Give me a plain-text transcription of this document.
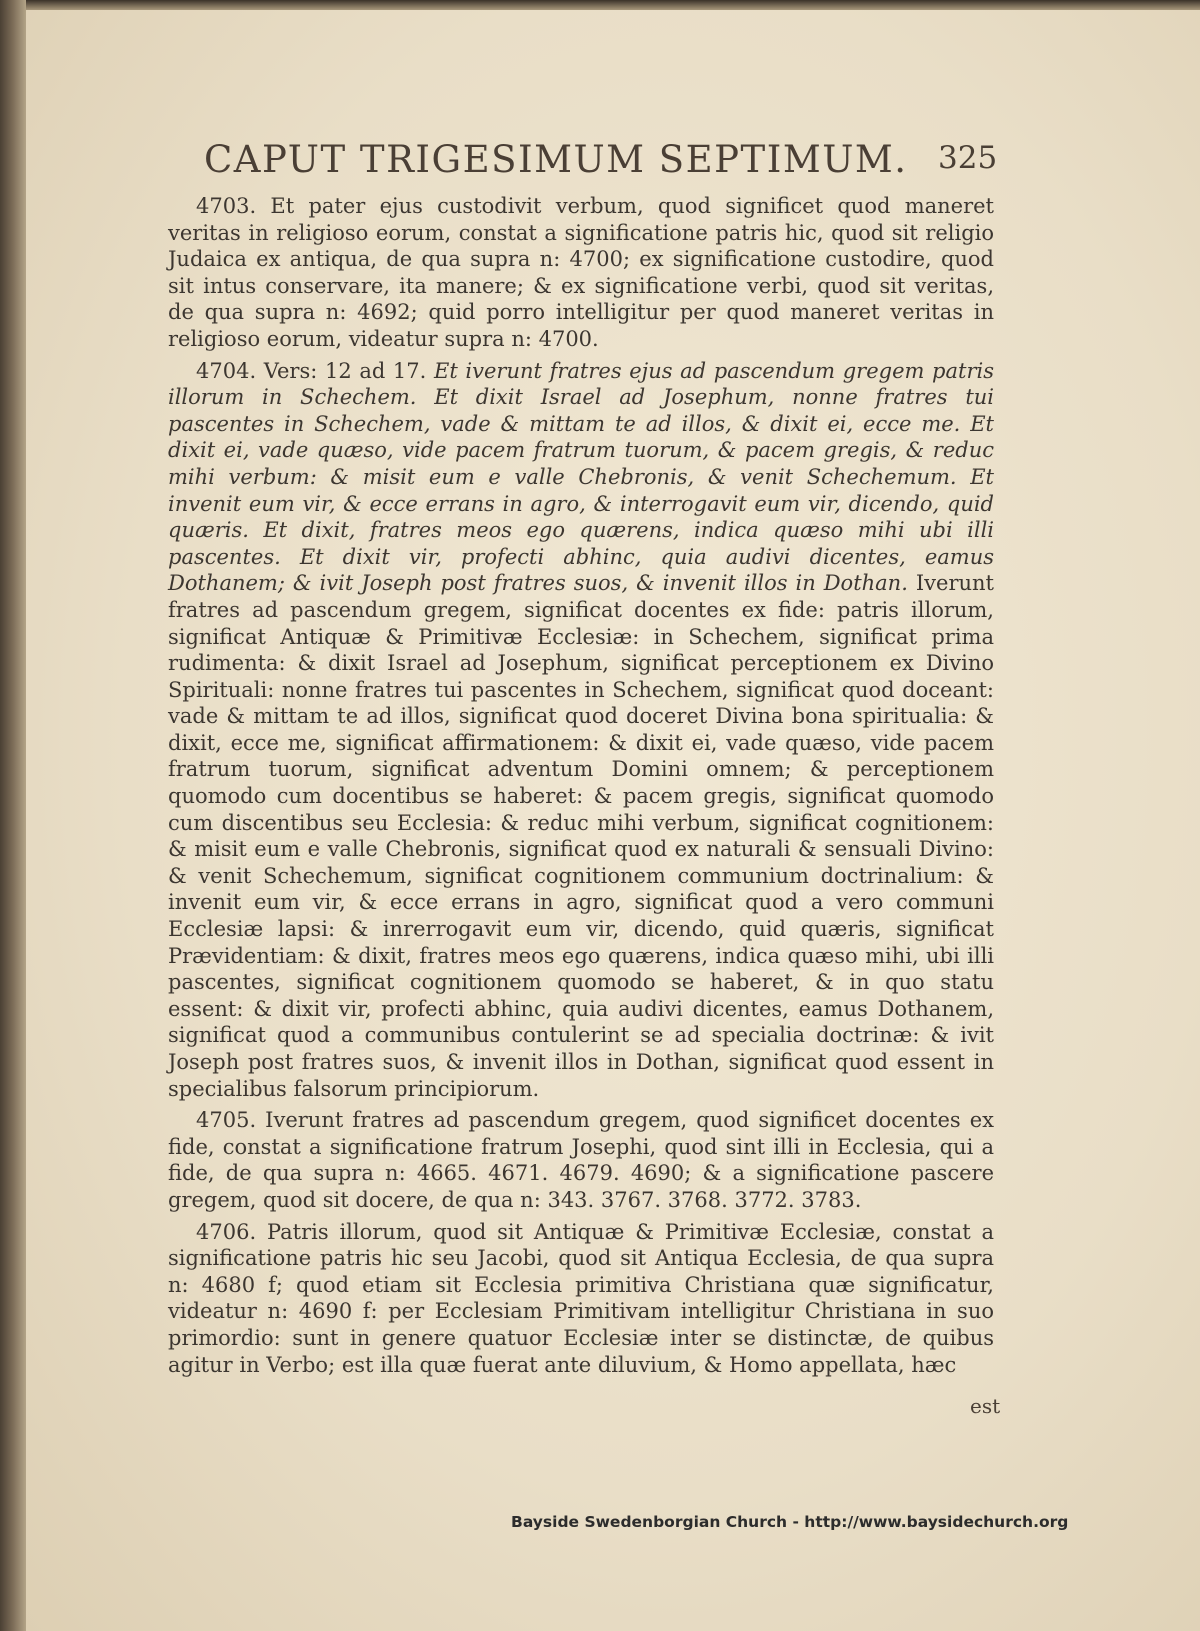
CAPUT TRIGESIMUM SEPTIMUM. 325

4703. Et pater ejus custodivit verbum, quod significet quod maneret veritas in religioso eorum, constat a significatione patris hic, quod sit religio Judaica ex antiqua, de qua supra n: 4700; ex significatione custodire, quod sit intus conservare, ita manere; & ex significatione verbi, quod sit veritas, de qua supra n: 4692; quid porro intelligitur per quod maneret veritas in religioso eorum, videatur supra n: 4700.

4704. Vers: 12 ad 17. Et iverunt fratres ejus ad pascendum gregem patris illorum in Schechem. Et dixit Israel ad Josephum, nonne fratres tui pascentes in Schechem, vade & mittam te ad illos, & dixit ei, ecce me. Et dixit ei, vade quæso, vide pacem fratrum tuorum, & pacem gregis, & reduc mihi verbum: & misit eum e valle Chebronis, & venit Schechemum. Et invenit eum vir, & ecce errans in agro, & interrogavit eum vir, dicendo, quid quæris. Et dixit, fratres meos ego quærens, indica quæso mihi ubi illi pascentes. Et dixit vir, profecti abhinc, quia audivi dicentes, eamus Dothanem; & ivit Joseph post fratres suos, & invenit illos in Dothan. Iverunt fratres ad pascendum gregem, significat docentes ex fide: patris illorum, significat Antiquæ & Primitivæ Ecclesiæ: in Schechem, significat prima rudimenta: & dixit Israel ad Josephum, significat perceptionem ex Divino Spirituali: nonne fratres tui pascentes in Schechem, significat quod doceant: vade & mittam te ad illos, significat quod doceret Divina bona spiritualia: & dixit, ecce me, significat affirmationem: & dixit ei, vade quæso, vide pacem fratrum tuorum, significat adventum Domini omnem; & perceptionem quomodo cum docentibus se haberet: & pacem gregis, significat quomodo cum discentibus seu Ecclesia: & reduc mihi verbum, significat cognitionem: & misit eum e valle Chebronis, significat quod ex naturali & sensuali Divino: & venit Schechemum, significat cognitionem communium doctrinalium: & invenit eum vir, & ecce errans in agro, significat quod a vero communi Ecclesiæ lapsi: & inrerrogavit eum vir, dicendo, quid quæris, significat Prævidentiam: & dixit, fratres meos ego quærens, indica quæso mihi, ubi illi pascentes, significat cognitionem quomodo se haberet, & in quo statu essent: & dixit vir, profecti abhinc, quia audivi dicentes, eamus Dothanem, significat quod a communibus contulerint se ad specialia doctrinæ: & ivit Joseph post fratres suos, & invenit illos in Dothan, significat quod essent in specialibus falsorum principiorum.

4705. Iverunt fratres ad pascendum gregem, quod significet docentes ex fide, constat a significatione fratrum Josephi, quod sint illi in Ecclesia, qui a fide, de qua supra n: 4665. 4671. 4679. 4690; & a significatione pascere gregem, quod sit docere, de qua n: 343. 3767. 3768. 3772. 3783.

4706. Patris illorum, quod sit Antiquæ & Primitivæ Ecclesiæ, constat a significatione patris hic seu Jacobi, quod sit Antiqua Ecclesia, de qua supra n: 4680 f; quod etiam sit Ecclesia primitiva Christiana quæ significatur, videatur n: 4690 f: per Ecclesiam Primitivam intelligitur Christiana in suo primordio: sunt in genere quatuor Ecclesiæ inter se distinctæ, de quibus agitur in Verbo; est illa quæ fuerat ante diluvium, & Homo appellata, hæc

est
Bayside Swedenborgian Church - http://www.baysidechurch.org
